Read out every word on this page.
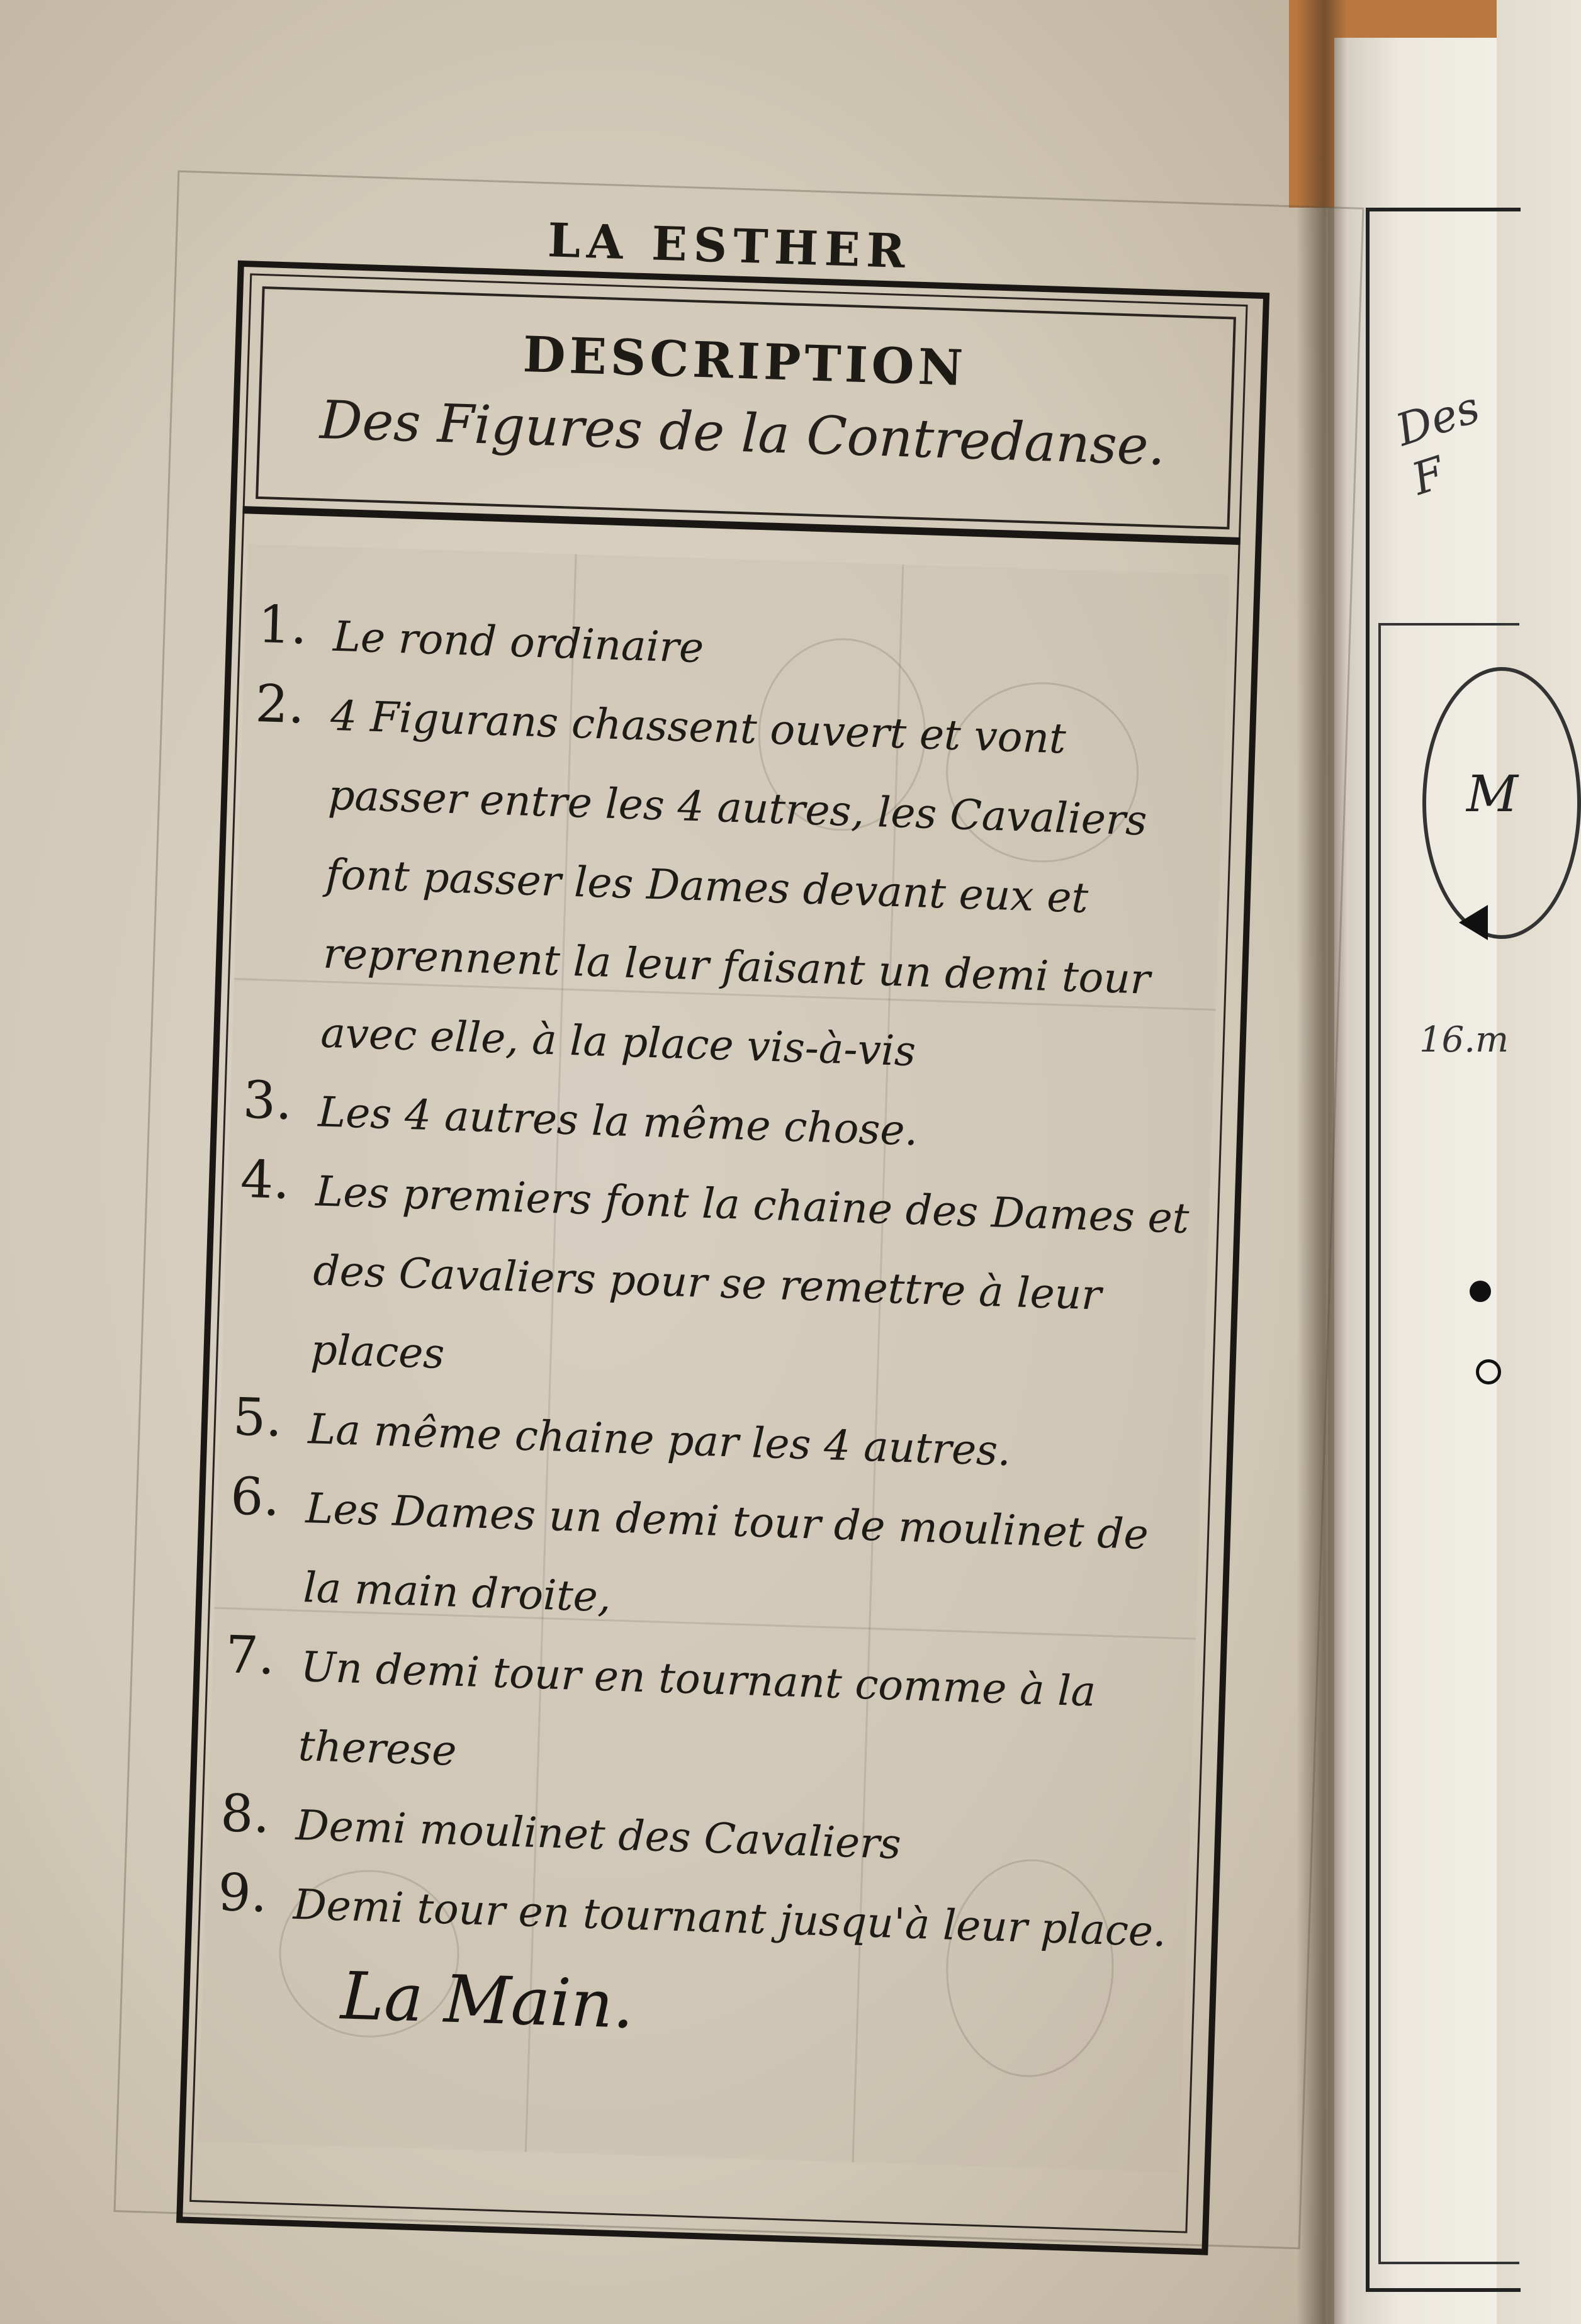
Des F
M
16.m
LA ESTHER
DESCRIPTION
Des Figures de la Contredanse.
1. Le rond ordinaire
2. 4 Figurans chassent ouvert et vont passer entre les 4 autres, les Cavaliers font passer les Dames devant eux et reprennent la leur faisant un demi tour avec elle, à la place vis-à-vis
3. Les 4 autres la même chose.
4. Les premiers font la chaine des Dames et des Cavaliers pour se remettre à leur places
5. La même chaine par les 4 autres.
6. Les Dames un demi tour de moulinet de la main droite,
7. Un demi tour en tournant comme à la therese
8. Demi moulinet des Cavaliers
9. Demi tour en tournant jusqu'à leur place.
La Main.
